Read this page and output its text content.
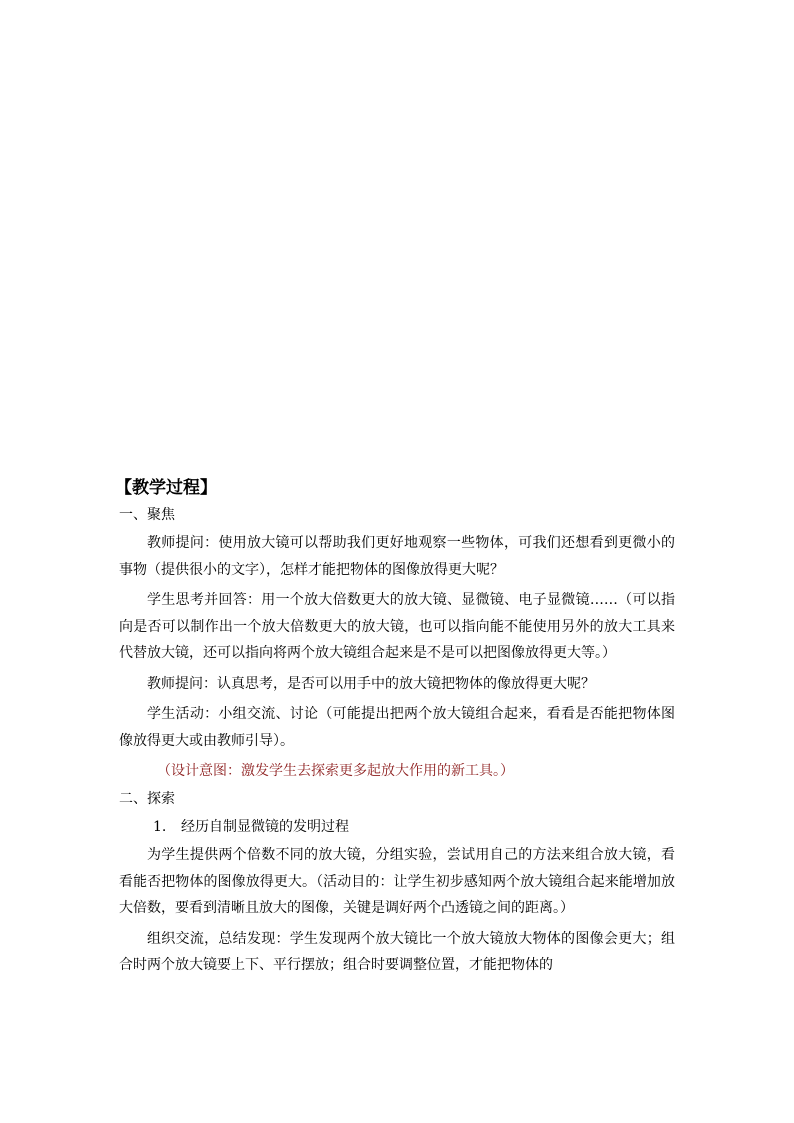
【教学过程】
一、聚焦

教师提问：使用放大镜可以帮助我们更好地观察一些物体，可我们还想看到更微小的事物（提供很小的文字），怎样才能把物体的图像放得更大呢？

学生思考并回答：用一个放大倍数更大的放大镜、显微镜、电子显微镜……（可以指向是否可以制作出一个放大倍数更大的放大镜，也可以指向能不能使用另外的放大工具来代替放大镜，还可以指向将两个放大镜组合起来是不是可以把图像放得更大等。）

教师提问：认真思考，是否可以用手中的放大镜把物体的像放得更大呢？

学生活动：小组交流、讨论（可能提出把两个放大镜组合起来，看看是否能把物体图像放得更大或由教师引导）。

（设计意图：激发学生去探索更多起放大作用的新工具。）
二、探索
1. 经历自制显微镜的发明过程

为学生提供两个倍数不同的放大镜，分组实验，尝试用自己的方法来组合放大镜，看看能否把物体的图像放得更大。（活动目的：让学生初步感知两个放大镜组合起来能增加放大倍数，要看到清晰且放大的图像，关键是调好两个凸透镜之间的距离。）

组织交流，总结发现：学生发现两个放大镜比一个放大镜放大物体的图像会更大；组合时两个放大镜要上下、平行摆放；组合时要调整位置，才能把物体的
